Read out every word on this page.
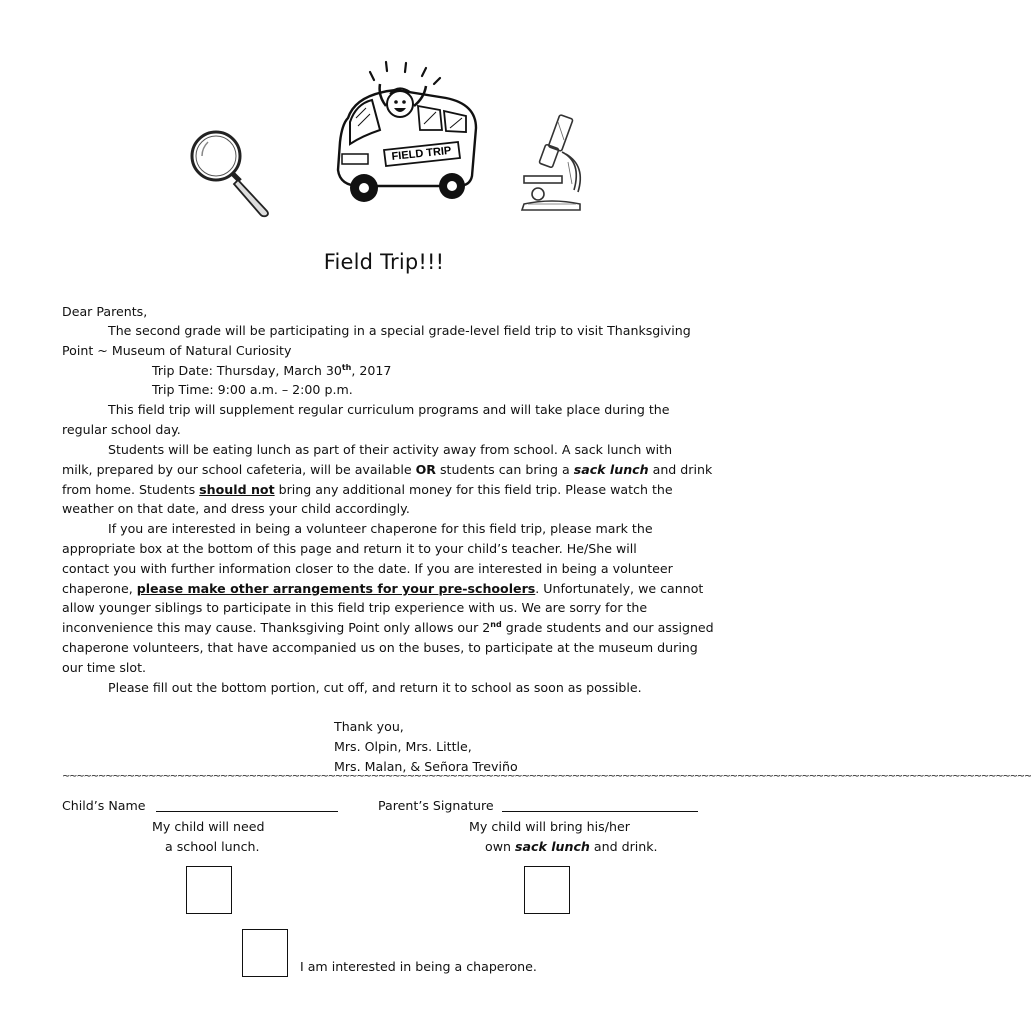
FIELD TRIP
Field Trip!!!
Dear Parents,
The second grade will be participating in a special grade-level field trip to visit Thanksgiving
Point ~ Museum of Natural Curiosity
Trip Date: Thursday, March 30th, 2017
Trip Time: 9:00 a.m. – 2:00 p.m.
This field trip will supplement regular curriculum programs and will take place during the
regular school day.
Students will be eating lunch as part of their activity away from school. A sack lunch with
milk, prepared by our school cafeteria, will be available OR students can bring a sack lunch and drink
from home. Students should not bring any additional money for this field trip. Please watch the
weather on that date, and dress your child accordingly.
If you are interested in being a volunteer chaperone for this field trip, please mark the
appropriate box at the bottom of this page and return it to your child’s teacher. He/She will
contact you with further information closer to the date. If you are interested in being a volunteer
chaperone, please make other arrangements for your pre-schoolers. Unfortunately, we cannot
allow younger siblings to participate in this field trip experience with us. We are sorry for the
inconvenience this may cause. Thanksgiving Point only allows our 2nd grade students and our assigned
chaperone volunteers, that have accompanied us on the buses, to participate at the museum during
our time slot.
Please fill out the bottom portion, cut off, and return it to school as soon as possible.
Thank you,
Mrs. Olpin, Mrs. Little,
Mrs. Malan, & Señora Treviño
~~~~~~~~~~~~~~~~~~~~~~~~~~~~~~~~~~~~~~~~~~~~~~~~~~~~~~~~~~~~~~~~~~~~~~~~~~~~~~~~~~~~~~~~~~~~~~~~~~~~~~~~~~~~~~~~~~~~~~~~~~~~~~~~~~~~~~~
Child’s Name	Parent’s Signature
My child will need
a school lunch.
My child will bring his/her
own sack lunch and drink.
I am interested in being a chaperone.
